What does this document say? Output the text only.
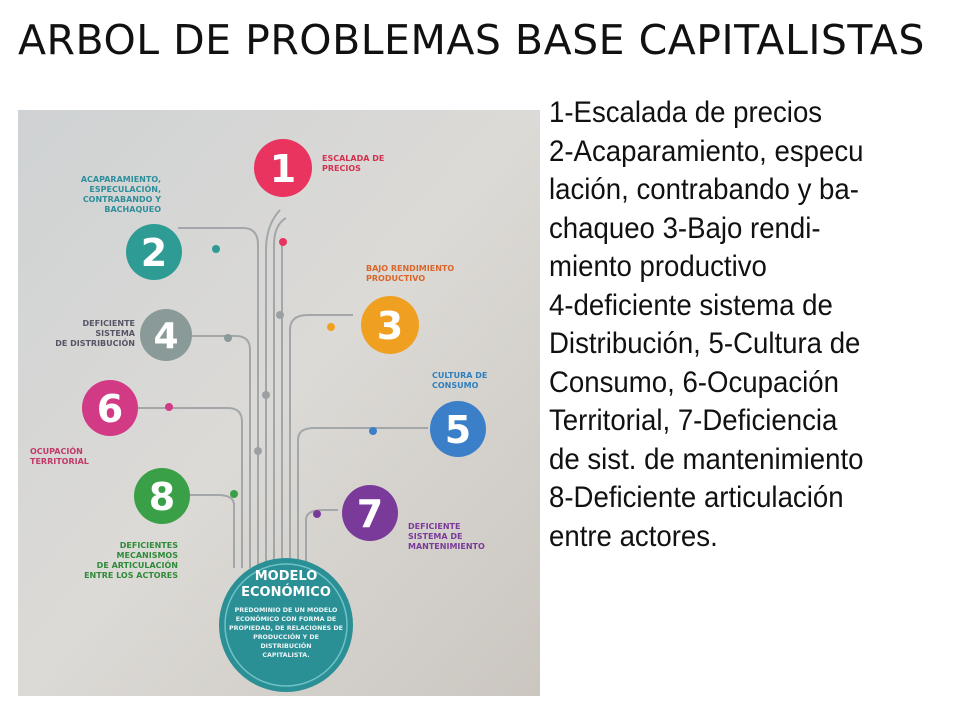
ARBOL DE PROBLEMAS BASE CAPITALISTAS
1	ESCALADA DE
PRECIOS
2
ACAPARAMIENTO,
ESPECULACIÓN,
CONTRABANDO Y
BACHAQUEO
3
BAJO RENDIMIENTO
PRODUCTIVO
4
DEFICIENTE
SISTEMA
DE DISTRIBUCIÓN
5
CULTURA DE
CONSUMO
6
OCUPACIÓN
TERRITORIAL
7	DEFICIENTE
SISTEMA DE
MANTENIMIENTO
8
DEFICIENTES
MECANISMOS
DE ARTICULACIÓN
ENTRE LOS ACTORES	MODELO
ECONÓMICO
PREDOMINIO DE UN MODELO
ECONÓMICO CON FORMA DE
PROPIEDAD, DE RELACIONES DE
PRODUCCIÓN Y DE
DISTRIBUCIÓN
CAPITALISTA.
1-Escalada de precios
2-Acaparamiento, especu
lación, contrabando y ba-
chaqueo 3-Bajo rendi-
miento productivo
4-deficiente sistema de
Distribución, 5-Cultura de
Consumo, 6-Ocupación
Territorial, 7-Deficiencia
de sist. de mantenimiento
8-Deficiente articulación
entre actores.
